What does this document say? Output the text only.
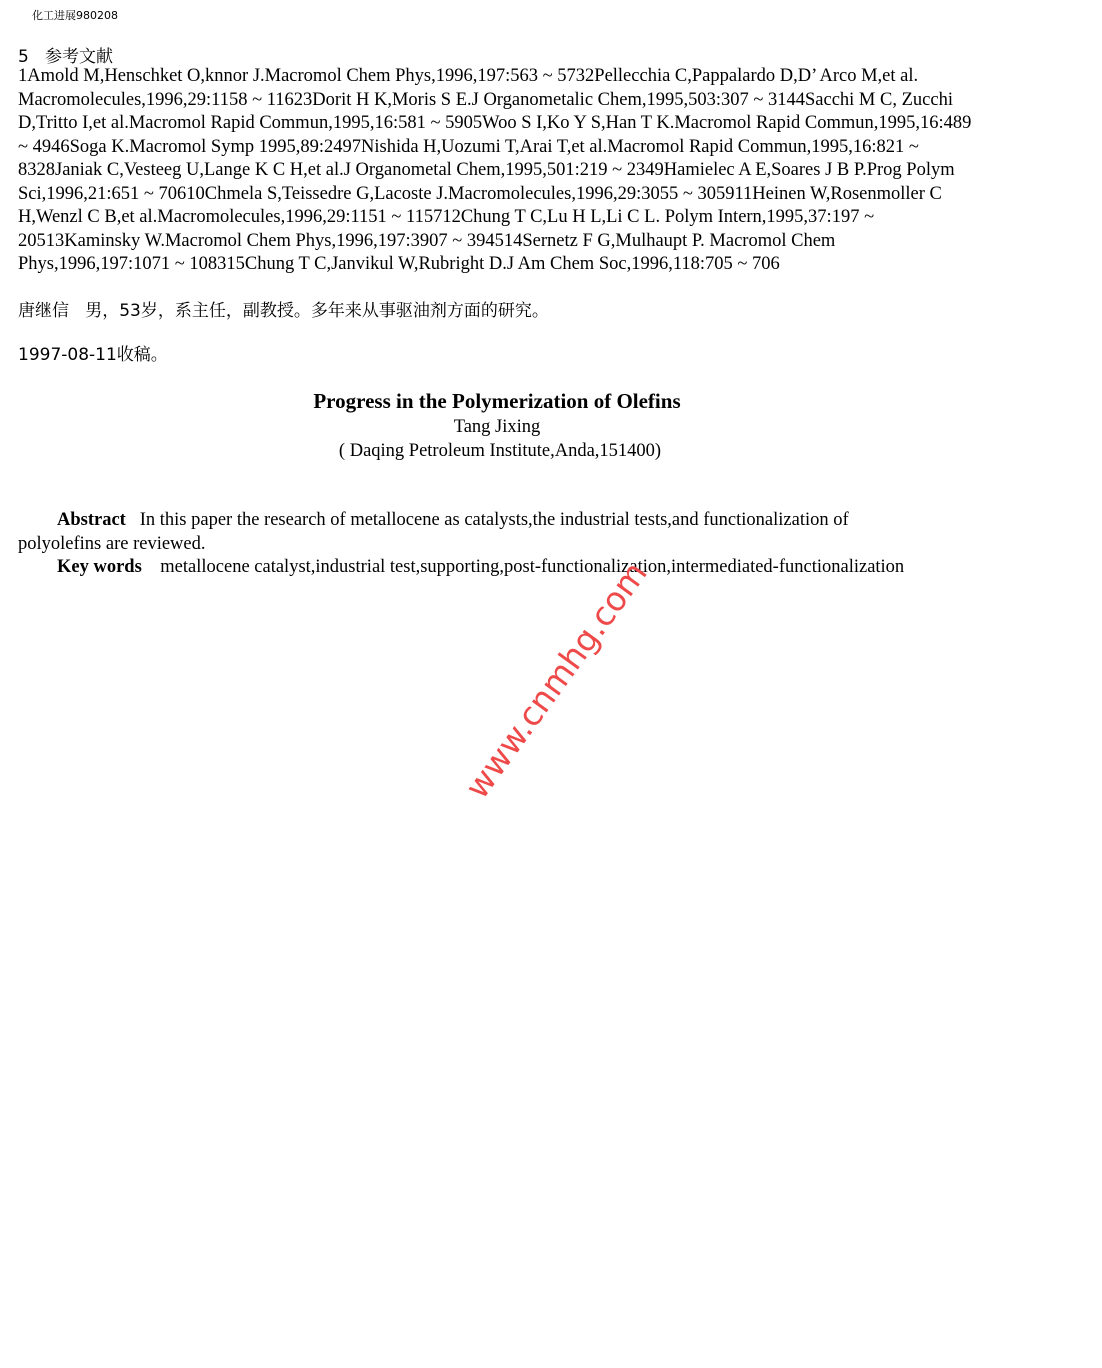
化工进展980208
5 参考文献
1Amold M,Henschket O,knnor J.Macromol Chem Phys,1996,197:563 ~ 5732Pellecchia C,Pappalardo D,D’ Arco M,et al. Macromolecules,1996,29:1158 ~ 11623Dorit H K,Moris S E.J Organometalic Chem,1995,503:307 ~ 3144Sacchi M C, Zucchi D,Tritto I,et al.Macromol Rapid Commun,1995,16:581 ~ 5905Woo S I,Ko Y S,Han T K.Macromol Rapid Commun,1995,16:489 ~ 4946Soga K.Macromol Symp 1995,89:2497Nishida H,Uozumi T,Arai T,et al.Macromol Rapid Commun,1995,16:821 ~ 8328Janiak C,Vesteeg U,Lange K C H,et al.J Organometal Chem,1995,501:219 ~ 2349Hamielec A E,Soares J B P.Prog Polym Sci,1996,21:651 ~ 70610Chmela S,Teissedre G,Lacoste J.Macromolecules,1996,29:3055 ~ 305911Heinen W,Rosenmoller C H,Wenzl C B,et al.Macromolecules,1996,29:1151 ~ 115712Chung T C,Lu H L,Li C L. Polym Intern,1995,37:197 ~ 20513Kaminsky W.Macromol Chem Phys,1996,197:3907 ~ 394514Sernetz F G,Mulhaupt P. Macromol Chem Phys,1996,197:1071 ~ 108315Chung T C,Janvikul W,Rubright D.J Am Chem Soc,1996,118:705 ~ 706
唐继信 男，53岁，系主任，副教授。多年来从事驱油剂方面的研究。
1997-08-11收稿。
Progress in the Polymerization of Olefins
Tang Jixing
( Daqing Petroleum Institute,Anda,151400)
Abstract In this paper the research of metallocene as catalysts,the industrial tests,and functionalization of polyolefins are reviewed.
Key words metallocene catalyst,industrial test,supporting,post-functionalization,intermediated-functionalization
www.cnmhg.com
